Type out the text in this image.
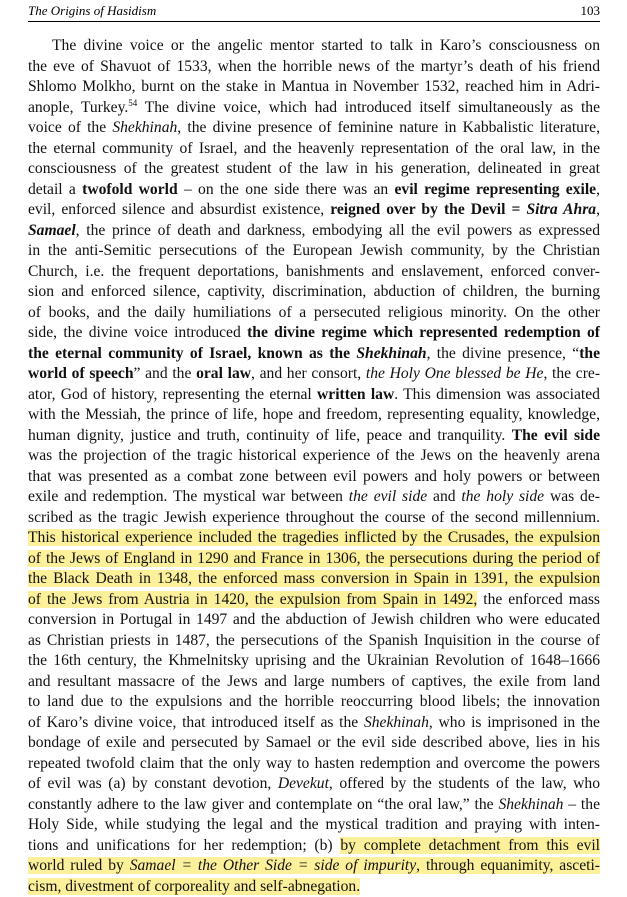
The Origins of Hasidism	103
The divine voice or the angelic mentor started to talk in Karo’s consciousness on
the eve of Shavuot of 1533, when the horrible news of the martyr’s death of his friend
Shlomo Molkho, burnt on the stake in Mantua in November 1532, reached him in Adri-
anople, Turkey.$^{54}$ The divine voice, which had introduced itself simultaneously as the
voice of the Shekhinah, the divine presence of feminine nature in Kabbalistic literature,
the eternal community of Israel, and the heavenly representation of the oral law, in the
consciousness of the greatest student of the law in his generation, delineated in great
detail a twofold world – on the one side there was an evil regime representing exile,
evil, enforced silence and absurdist existence, reigned over by the Devil = Sitra Ahra,
Samael, the prince of death and darkness, embodying all the evil powers as expressed
in the anti-Semitic persecutions of the European Jewish community, by the Christian
Church, i.e. the frequent deportations, banishments and enslavement, enforced conver-
sion and enforced silence, captivity, discrimination, abduction of children, the burning
of books, and the daily humiliations of a persecuted religious minority. On the other
side, the divine voice introduced the divine regime which represented redemption of
the eternal community of Israel, known as the Shekhinah, the divine presence, “the
world of speech” and the oral law, and her consort, the Holy One blessed be He, the cre-
ator, God of history, representing the eternal written law. This dimension was associated
with the Messiah, the prince of life, hope and freedom, representing equality, knowledge,
human dignity, justice and truth, continuity of life, peace and tranquility. The evil side
was the projection of the tragic historical experience of the Jews on the heavenly arena
that was presented as a combat zone between evil powers and holy powers or between
exile and redemption. The mystical war between the evil side and the holy side was de-
scribed as the tragic Jewish experience throughout the course of the second millennium.
This historical experience included the tragedies inflicted by the Crusades, the expulsion
of the Jews of England in 1290 and France in 1306, the persecutions during the period of
the Black Death in 1348, the enforced mass conversion in Spain in 1391, the expulsion
of the Jews from Austria in 1420, the expulsion from Spain in 1492, the enforced mass
conversion in Portugal in 1497 and the abduction of Jewish children who were educated
as Christian priests in 1487, the persecutions of the Spanish Inquisition in the course of
the 16th century, the Khmelnitsky uprising and the Ukrainian Revolution of 1648–1666
and resultant massacre of the Jews and large numbers of captives, the exile from land
to land due to the expulsions and the horrible reoccurring blood libels; the innovation
of Karo’s divine voice, that introduced itself as the Shekhinah, who is imprisoned in the
bondage of exile and persecuted by Samael or the evil side described above, lies in his
repeated twofold claim that the only way to hasten redemption and overcome the powers
of evil was (a) by constant devotion, Devekut, offered by the students of the law, who
constantly adhere to the law giver and contemplate on “the oral law,” the Shekhinah – the
Holy Side, while studying the legal and the mystical tradition and praying with inten-
tions and unifications for her redemption; (b) by complete detachment from this evil
world ruled by Samael = the Other Side = side of impurity, through equanimity, asceti-
cism, divestment of corporeality and self-abnegation.
